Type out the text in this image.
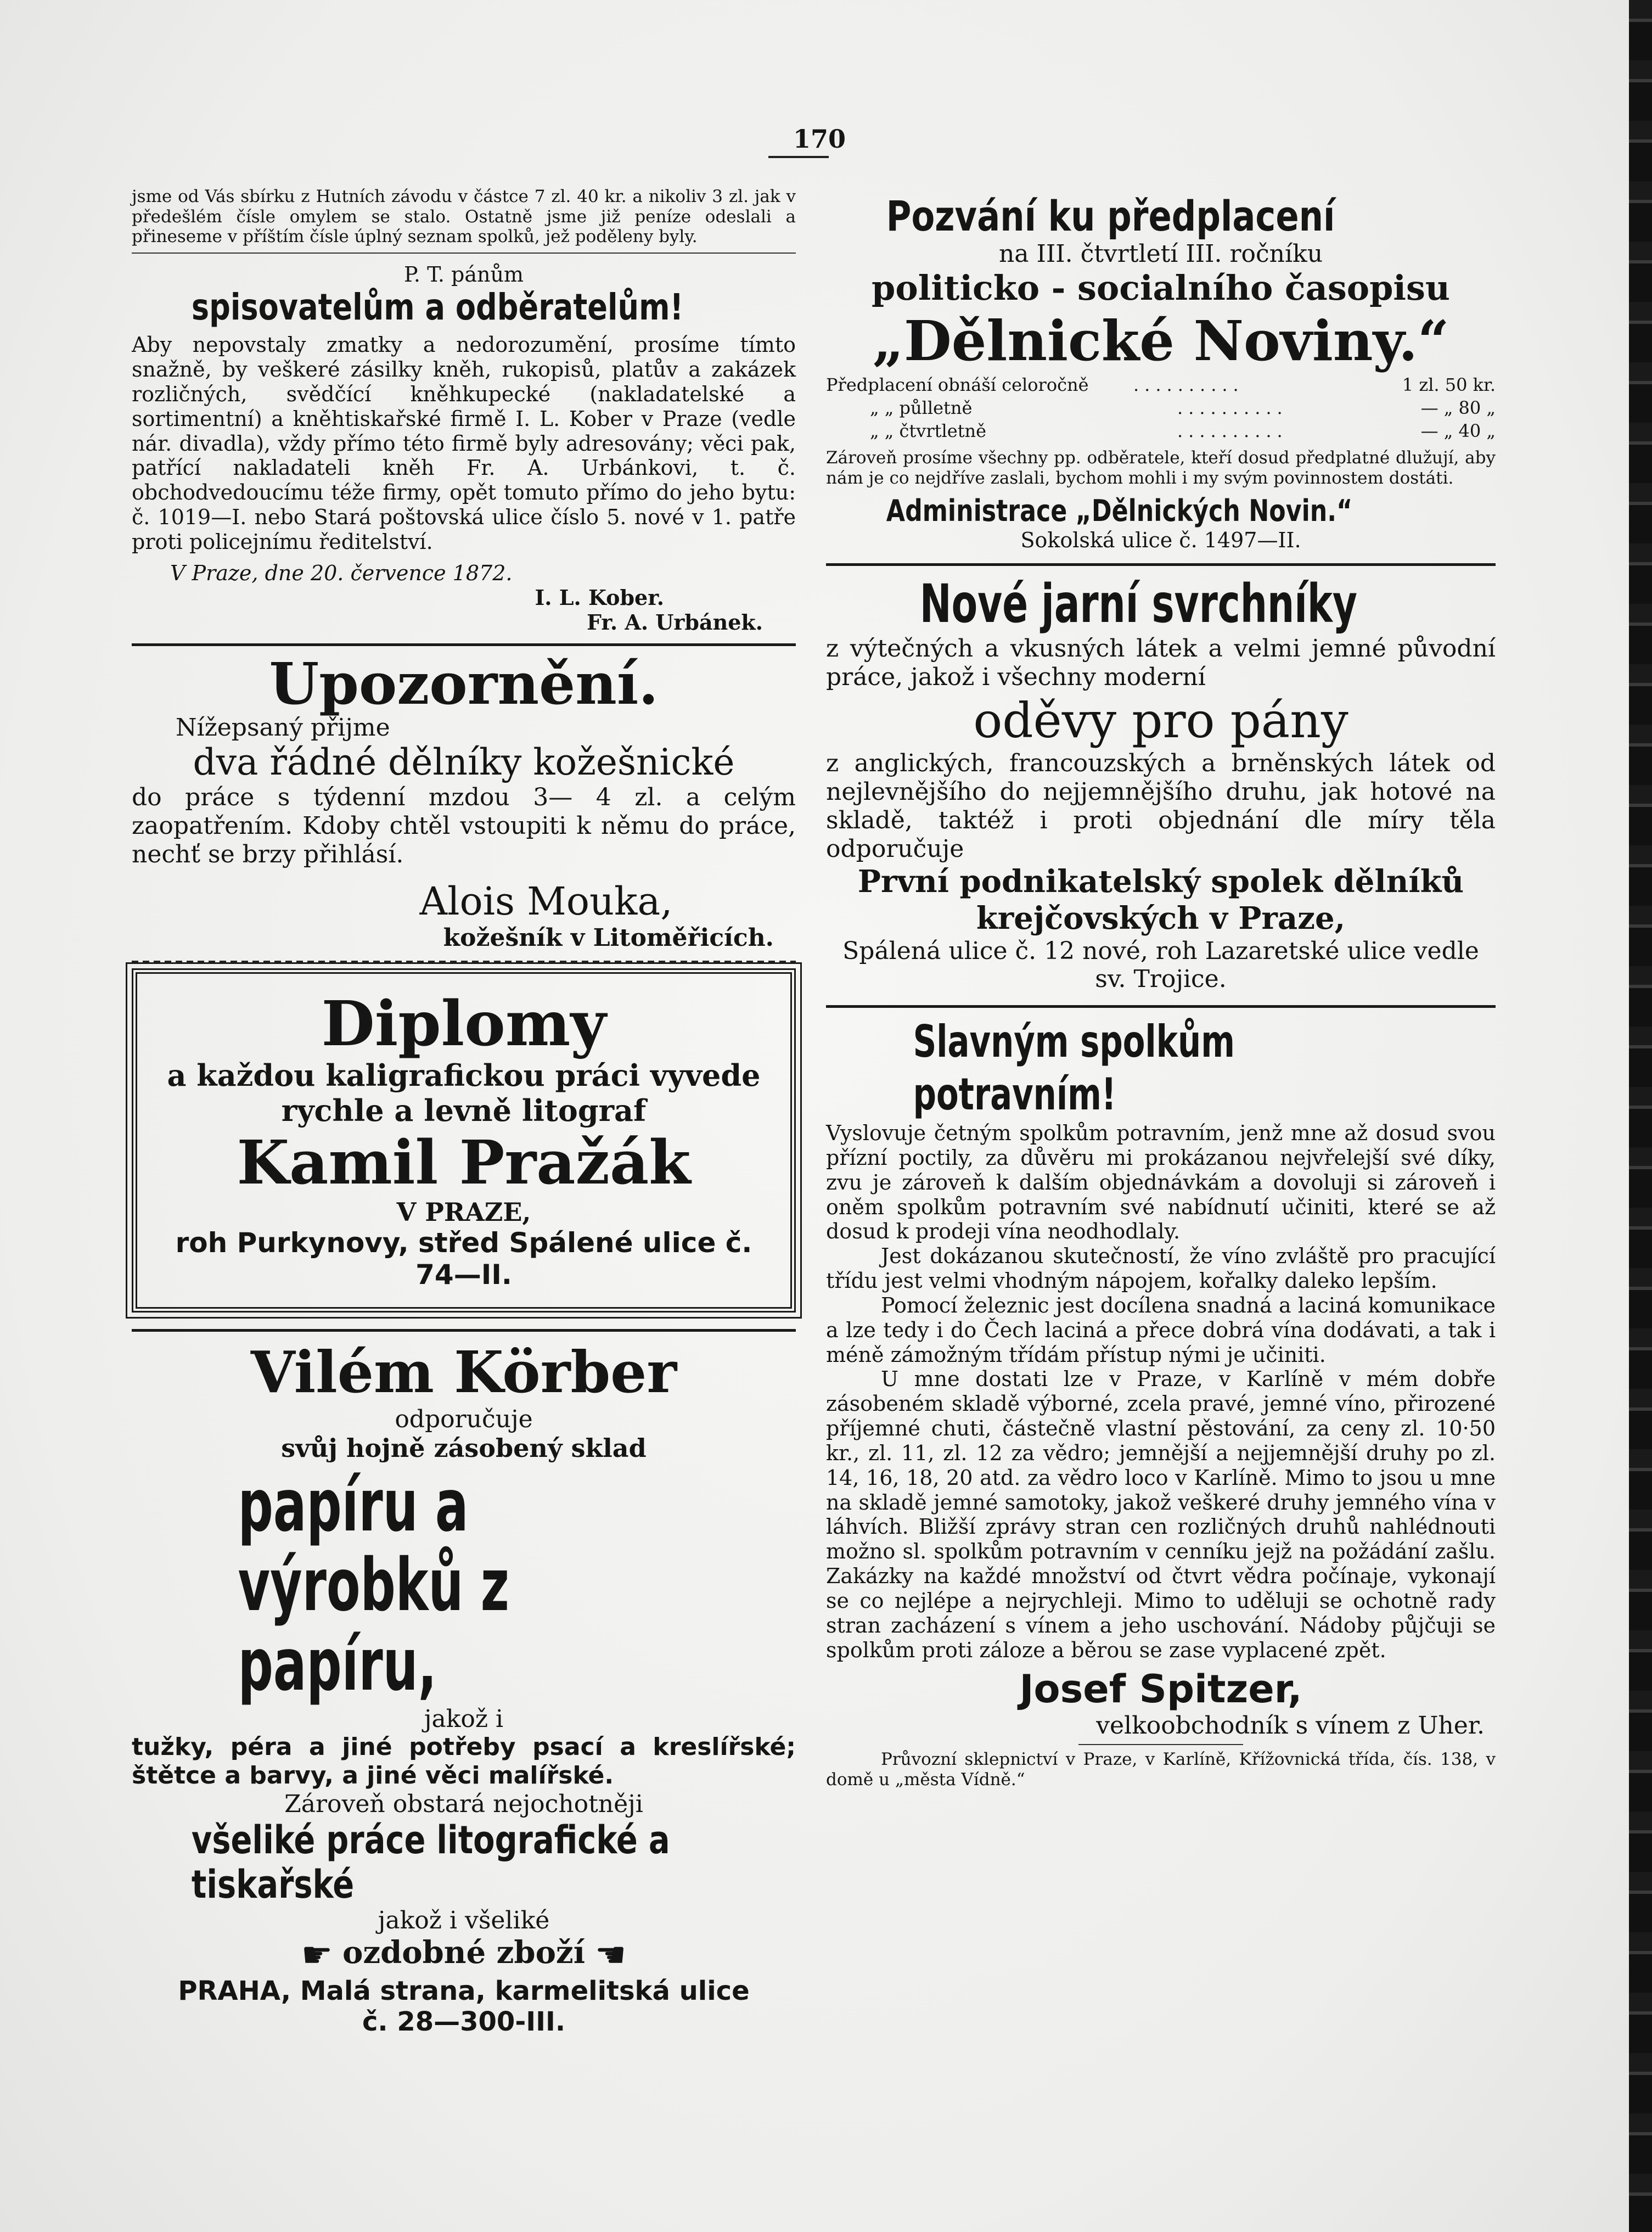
170

jsme od Vás sbírku z Hutních závodu v částce 7 zl. 40 kr. a nikoliv 3 zl. jak v předešlém čísle omylem se stalo. Ostatně jsme již peníze odeslali a přineseme v příštím čísle úplný seznam spolků, jež poděleny byly.

P. T. pánům
spisovatelům a odběratelům!

Aby nepovstaly zmatky a nedorozumění, prosíme tímto snažně, by veškeré zásilky kněh, rukopisů, platův a zakázek rozličných, svědčící kněhkupecké (nakladatelské a sortimentní) a kněhtiskařské firmě I. L. Kober v Praze (vedle nár. divadla), vždy přímo této firmě byly adresovány; věci pak, patřící nakladateli kněh Fr. A. Urbánkovi, t. č. obchodvedoucímu téže firmy, opět tomuto přímo do jeho bytu: č. 1019—I. nebo Stará poštovská ulice číslo 5. nové v 1. patře proti policejnímu ředitelství.

V Praze, dne 20. července 1872.
I. L. Kober.
Fr. A. Urbánek.
Upozornění.
Nížepsaný přijme
dva řádné dělníky kožešnické

do práce s týdenní mzdou 3— 4 zl. a celým zaopatřením. Kdoby chtěl vstoupiti k němu do práce, nechť se brzy přihlásí.

Alois Mouka,
kožešník v Litoměřicích.
Diplomy
a každou kaligrafickou práci vyvede
rychle a levně litograf
Kamil Pražák
V PRAZE,
roh Purkynovy, střed Spálené ulice č. 74—II.
Vilém Körber
odporučuje
svůj hojně zásobený sklad
papíru a výrobků z papíru,
jakož i

tužky, péra a jiné potřeby psací a kreslířské; štětce a barvy, a jiné věci malířské.

Zároveň obstará nejochotněji
všeliké práce litografické a tiskařské
jakož i všeliké
☛ ozdobné zboží ☚
PRAHA, Malá strana, karmelitská ulice
č. 28—300-III.
Pozvání ku předplacení
na III. čtvrtletí III. ročníku
politicko - socialního časopisu
„Dělnické Noviny.“
Předplacení obnáší celoročně	..........	1 zl. 50 kr.
„ „ půlletně	..........	— „ 80 „
„ „ čtvrtletně	..........	— „ 40 „

Zároveň prosíme všechny pp. odběratele, kteří dosud předplatné dlužují, aby nám je co nejdříve zaslali, bychom mohli i my svým povinnostem dostáti.

Administrace „Dělnických Novin.“
Sokolská ulice č. 1497—II.
Nové jarní svrchníky

z výtečných a vkusných látek a velmi jemné původní práce, jakož i všechny moderní

oděvy pro pány

z anglických, francouzských a brněnských látek od nejlevnějšího do nejjemnějšího druhu, jak hotové na skladě, taktéž i proti objednání dle míry těla odporučuje

První podnikatelský spolek dělníků krejčovských v Praze,
Spálená ulice č. 12 nové, roh Lazaretské ulice vedle sv. Trojice.
Slavným spolkům potravním!

Vyslovuje četným spolkům potravním, jenž mne až dosud svou přízní poctily, za důvěru mi prokázanou nejvřelejší své díky, zvu je zároveň k dalším objednávkám a dovoluji si zároveň i oněm spolkům potravním své nabídnutí učiniti, které se až dosud k prodeji vína neodhodlaly.

Jest dokázanou skutečností, že víno zvláště pro pracující třídu jest velmi vhodným nápojem, kořalky daleko lepším.

Pomocí železnic jest docílena snadná a laciná komunikace a lze tedy i do Čech laciná a přece dobrá vína dodávati, a tak i méně zámožným třídám přístup nými je učiniti.

U mne dostati lze v Praze, v Karlíně v mém dobře zásobeném skladě výborné, zcela pravé, jemné víno, přirozené příjemné chuti, částečně vlastní pěstování, za ceny zl. 10·50 kr., zl. 11, zl. 12 za vědro; jemnější a nejjemnější druhy po zl. 14, 16, 18, 20 atd. za vědro loco v Karlíně. Mimo to jsou u mne na skladě jemné samotoky, jakož veškeré druhy jemného vína v láhvích. Bližší zprávy stran cen rozličných druhů nahlédnouti možno sl. spolkům potravním v cenníku jejž na požádání zašlu. Zakázky na každé množství od čtvrt vědra počínaje, vykonají se co nejlépe a nejrychleji. Mimo to uděluji se ochotně rady stran zacházení s vínem a jeho uschování. Nádoby půjčuji se spolkům proti záloze a běrou se zase vyplacené zpět.

Josef Spitzer,
velkoobchodník s vínem z Uher.

Průvozní sklepnictví v Praze, v Karlíně, Křížovnická třída, čís. 138, v domě u „města Vídně.“
